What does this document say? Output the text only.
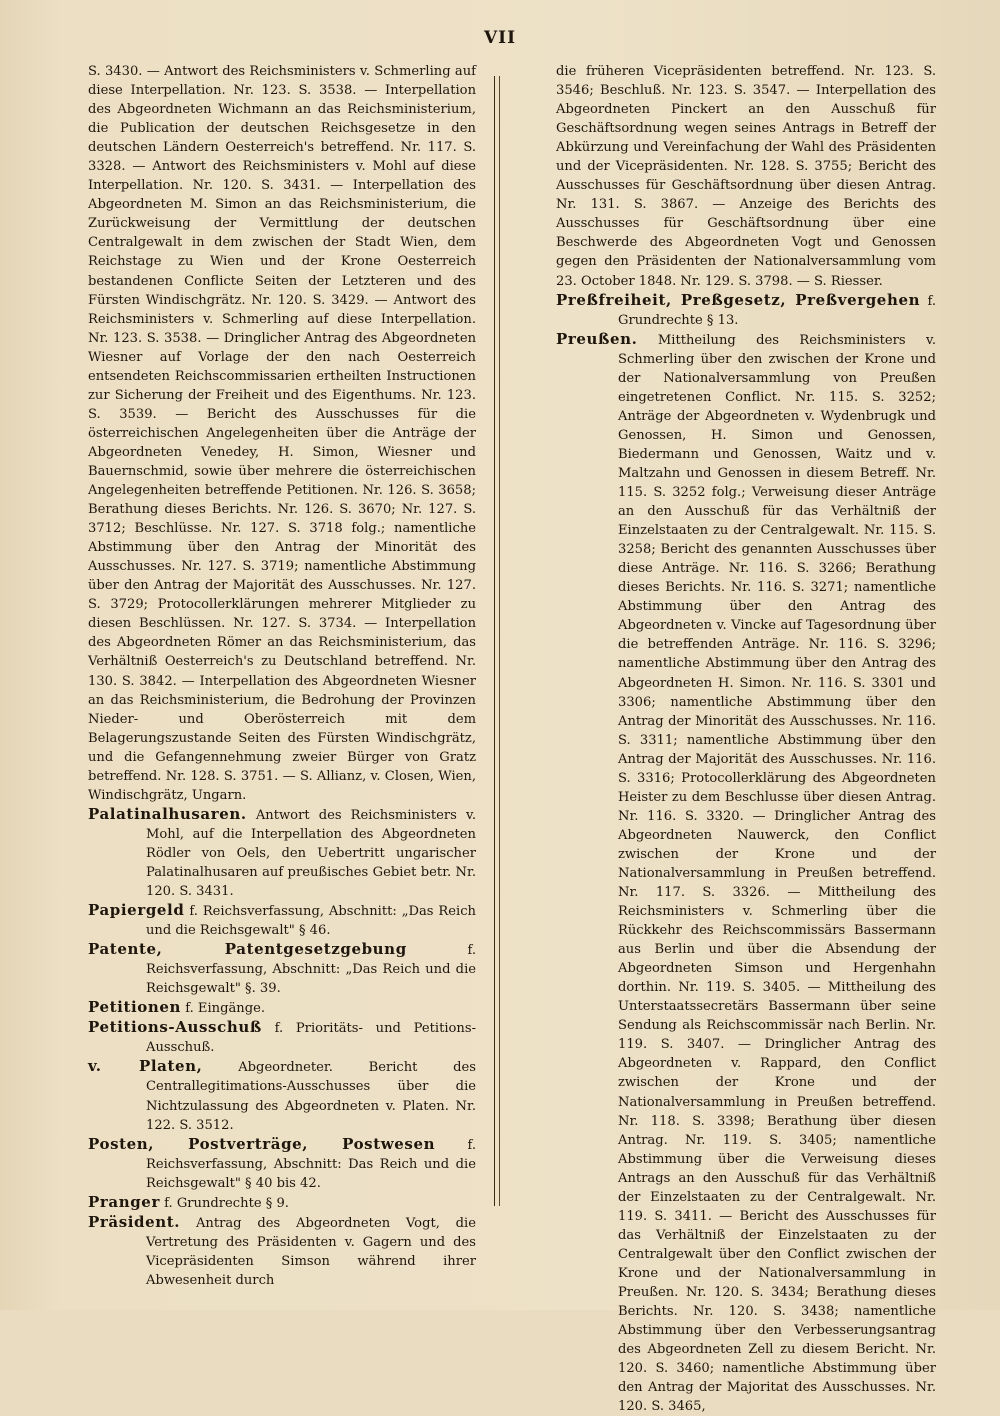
VII

S. 3430. — Antwort des Reichsministers v. Schmerling auf diese Interpellation. Nr. 123. S. 3538. — Interpellation des Abgeordneten Wichmann an das Reichsministerium, die Publication der deutschen Reichsgesetze in den deutschen Ländern Oesterreich's betreffend. Nr. 117. S. 3328. — Antwort des Reichsministers v. Mohl auf diese Interpellation. Nr. 120. S. 3431. — Interpellation des Abgeordneten M. Simon an das Reichsministerium, die Zurückweisung der Vermittlung der deutschen Centralgewalt in dem zwischen der Stadt Wien, dem Reichstage zu Wien und der Krone Oesterreich bestandenen Conflicte Seiten der Letzteren und des Fürsten Windischgrätz. Nr. 120. S. 3429. — Antwort des Reichsministers v. Schmerling auf diese Interpellation. Nr. 123. S. 3538. — Dringlicher Antrag des Abgeordneten Wiesner auf Vorlage der den nach Oesterreich entsendeten Reichscommissarien ertheilten Instructionen zur Sicherung der Freiheit und des Eigenthums. Nr. 123. S. 3539. — Bericht des Ausschusses für die österreichischen Angelegenheiten über die Anträge der Abgeordneten Venedey, H. Simon, Wiesner und Bauernschmid, sowie über mehrere die österreichischen Angelegenheiten betreffende Petitionen. Nr. 126. S. 3658; Berathung dieses Berichts. Nr. 126. S. 3670; Nr. 127. S. 3712; Beschlüsse. Nr. 127. S. 3718 folg.; namentliche Abstimmung über den Antrag der Minorität des Ausschusses. Nr. 127. S. 3719; namentliche Abstimmung über den Antrag der Majorität des Ausschusses. Nr. 127. S. 3729; Protocollerklärungen mehrerer Mitglieder zu diesen Beschlüssen. Nr. 127. S. 3734. — Interpellation des Abgeordneten Römer an das Reichsministerium, das Verhältniß Oesterreich's zu Deutschland betreffend. Nr. 130. S. 3842. — Interpellation des Abgeordneten Wiesner an das Reichsministerium, die Bedrohung der Provinzen Nieder- und Oberösterreich mit dem Belagerungszustande Seiten des Fürsten Windischgrätz, und die Gefangennehmung zweier Bürger von Gratz betreffend. Nr. 128. S. 3751. — S. Allianz, v. Closen, Wien, Windischgrätz, Ungarn.

Palatinalhusaren. Antwort des Reichsministers v. Mohl, auf die Interpellation des Abgeordneten Rödler von Oels, den Uebertritt ungarischer Palatinalhusaren auf preußisches Gebiet betr. Nr. 120. S. 3431.

Papiergeld f. Reichsverfassung, Abschnitt: „Das Reich und die Reichsgewalt" § 46.

Patente, Patentgesetzgebung	f. Reichsverfassung, Abschnitt: „Das Reich und die Reichsgewalt" §. 39.

Petitionen f. Eingänge.

Petitions-Ausschuß f. Prioritäts- und Petitions-Ausschuß.

v. Platen,	Abgeordneter. Bericht des Centrallegitimations-Ausschusses über die Nichtzulassung des Abgeordneten v. Platen. Nr. 122. S. 3512.

Posten, Postverträge, Postwesen f. Reichsverfassung, Abschnitt: Das Reich und die Reichsgewalt" § 40 bis 42.

Pranger f. Grundrechte § 9.

Präsident. Antrag des Abgeordneten Vogt, die Vertretung des Präsidenten v. Gagern und des Vicepräsidenten Simson während ihrer Abwesenheit durch

die früheren Vicepräsidenten betreffend. Nr. 123. S. 3546; Beschluß. Nr. 123. S. 3547. — Interpellation des Abgeordneten Pinckert an den Ausschuß für Geschäftsordnung wegen seines Antrags in Betreff der Abkürzung und Vereinfachung der Wahl des Präsidenten und der Vicepräsidenten. Nr. 128. S. 3755; Bericht des Ausschusses für Geschäftsordnung über diesen Antrag. Nr. 131. S. 3867. — Anzeige des Berichts des Ausschusses für Geschäftsordnung über eine Beschwerde des Abgeordneten Vogt und Genossen gegen den Präsidenten der Nationalversammlung vom 23. October 1848. Nr. 129. S. 3798. — S. Riesser.

Preßfreiheit, Preßgesetz, Preßvergehen f. Grundrechte § 13.

Preußen. Mittheilung des Reichsministers v. Schmerling über den zwischen der Krone und der Nationalversammlung von Preußen eingetretenen Conflict. Nr. 115. S. 3252; Anträge der Abgeordneten v. Wydenbrugk und Genossen, H. Simon und Genossen, Biedermann und Genossen, Waitz und v. Maltzahn und Genossen in diesem Betreff. Nr. 115. S. 3252 folg.; Verweisung dieser Anträge an den Ausschuß für das Verhältniß der Einzelstaaten zu der Centralgewalt. Nr. 115. S. 3258; Bericht des genannten Ausschusses über diese Anträge. Nr. 116. S. 3266; Berathung dieses Berichts. Nr. 116. S. 3271; namentliche Abstimmung über den Antrag des Abgeordneten v. Vincke auf Tagesordnung über die betreffenden Anträge. Nr. 116. S. 3296; namentliche Abstimmung über den Antrag des Abgeordneten H. Simon. Nr. 116. S. 3301 und 3306; namentliche Abstimmung über den Antrag der Minorität des Ausschusses. Nr. 116. S. 3311; namentliche Abstimmung über den Antrag der Majorität des Ausschusses. Nr. 116. S. 3316; Protocollerklärung des Abgeordneten Heister zu dem Beschlusse über diesen Antrag. Nr. 116. S. 3320. — Dringlicher Antrag des Abgeordneten Nauwerck, den Conflict zwischen der Krone und der Nationalversammlung in Preußen betreffend. Nr. 117. S. 3326. — Mittheilung des Reichsministers v. Schmerling über die Rückkehr des Reichscommissärs Bassermann aus Berlin und über die Absendung der Abgeordneten Simson und Hergenhahn dorthin. Nr. 119. S. 3405. — Mittheilung des Unterstaatssecretärs Bassermann über seine Sendung als Reichscommissär nach Berlin. Nr. 119. S. 3407. — Dringlicher Antrag des Abgeordneten v. Rappard, den Conflict zwischen der Krone und der Nationalversammlung in Preußen betreffend. Nr. 118. S. 3398; Berathung über diesen Antrag. Nr. 119. S. 3405; namentliche Abstimmung über die Verweisung dieses Antrags an den Ausschuß für das Verhältniß der Einzelstaaten zu der Centralgewalt. Nr. 119. S. 3411. — Bericht des Ausschusses für das Verhältniß der Einzelstaaten zu der Centralgewalt über den Conflict zwischen der Krone und der Nationalversammlung in Preußen. Nr. 120. S. 3434; Berathung dieses Berichts. Nr. 120. S. 3438; namentliche Abstimmung über den Verbesserungsantrag des Abgeordneten Zell zu diesem Bericht. Nr. 120. S. 3460; namentliche Abstimmung über den Antrag der Majoritat des Ausschusses. Nr. 120. S. 3465,
